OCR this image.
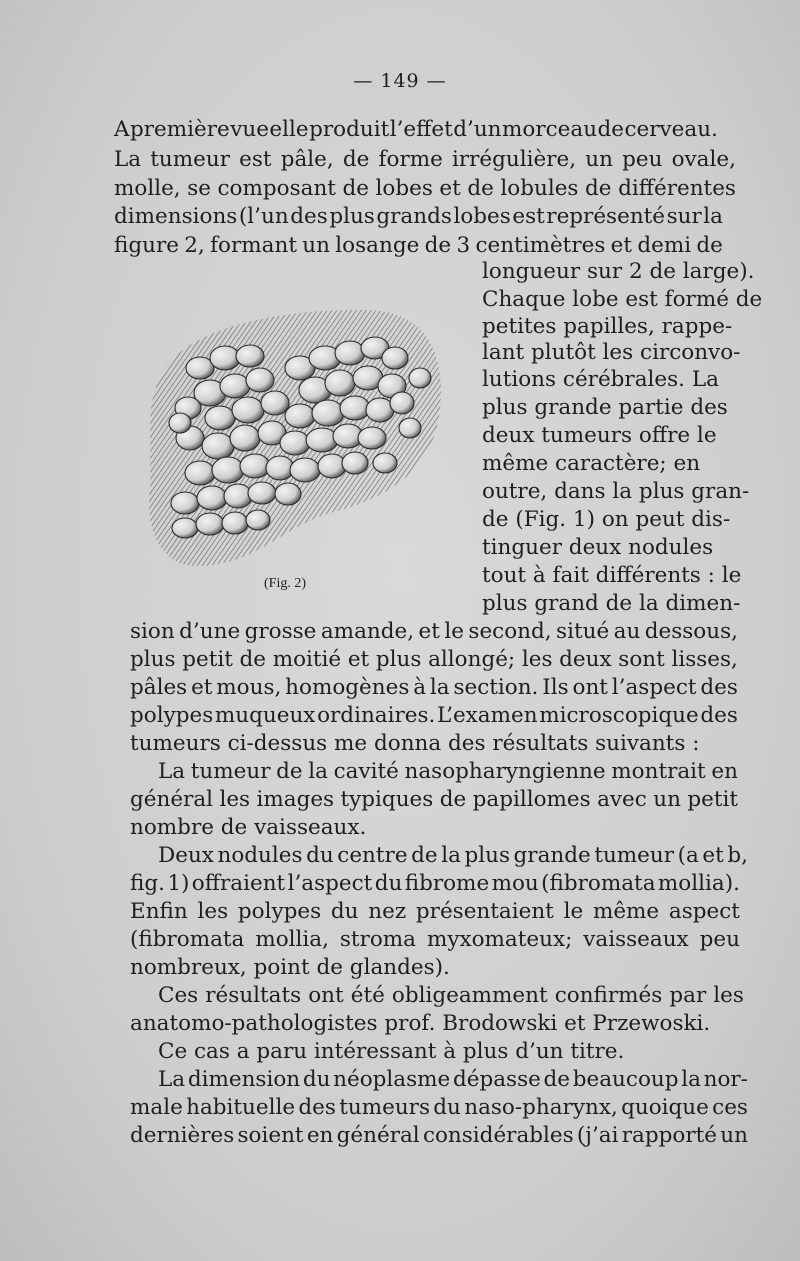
— 149 —
(Fig. 2)
A première vue elle produit l’effet d’un morceau de cerveau.
La tumeur est pâle, de forme irrégulière, un peu ovale,
molle, se composant de lobes et de lobules de différentes
dimensions (l’un des plus grands lobes est représenté sur la
figure 2, formant un losange de 3 centimètres et demi de
longueur sur 2 de large).
Chaque lobe est formé de
petites papilles, rappe-
lant plutôt les circonvo-
lutions cérébrales. La
plus grande partie des
deux tumeurs offre le
même caractère; en
outre, dans la plus gran-
de (Fig. 1) on peut dis-
tinguer deux nodules
tout à fait différents : le
plus grand de la dimen-
sion d’une grosse amande, et le second, situé au dessous,
plus petit de moitié et plus allongé; les deux sont lisses,
pâles et mous, homogènes à la section. Ils ont l’aspect des
polypes muqueux ordinaires. L’examen microscopique des
tumeurs ci-dessus me donna des résultats suivants :
La tumeur de la cavité nasopharyngienne montrait en
général les images typiques de papillomes avec un petit
nombre de vaisseaux.
Deux nodules du centre de la plus grande tumeur (a et b,
fig. 1) offraient l’aspect du fibrome mou (fibromata mollia).
Enfin les polypes du nez présentaient le même aspect
(fibromata mollia, stroma myxomateux; vaisseaux peu
nombreux, point de glandes).
Ces résultats ont été obligeamment confirmés par les
anatomo-pathologistes prof. Brodowski et Przewoski.
Ce cas a paru intéressant à plus d’un titre.
La dimension du néoplasme dépasse de beaucoup la nor-
male habituelle des tumeurs du naso-pharynx, quoique ces
dernières soient en général considérables (j’ai rapporté un
